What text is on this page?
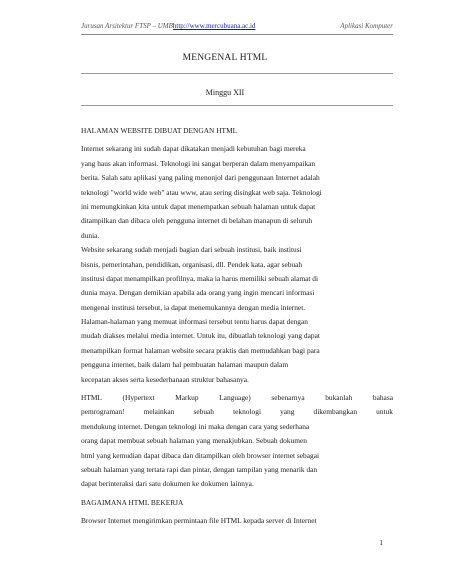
Jurusan Arsitektur FTSP – UMBhttp://www.mercubuana.ac.id	Aplikasi Komputer
MENGENAL HTML
Minggu XII
HALAMAN WEBSITE DIBUAT DENGAN HTML
Internet sekarang ini sudah dapat dikatakan menjadi kebutuhan bagi mereka
yang haus akan informasi. Teknologi ini sangat berperan dalam menyampaikan
berita. Salah satu aplikasi yang paling menonjol dari penggunaan Internet adalah
teknologi "world wide web" atau www, atau sering disingkat web saja. Teknologi
ini memungkinkan kita untuk dapat menempatkan sebuah halaman untuk dapat
ditampilkan dan dibaca oleh pengguna internet di belahan manapun di seluruh
dunia.
Website sekarang sudah menjadi bagian dari sebuah institusi, baik institusi
bisnis, pemerintahan, pendidikan, organisasi, dll. Pendek kata, agar sebuah
institusi dapat menampilkan profilnya, maka ia harus memiliki sebuah alamat di
dunia maya. Dengan demikian apabila ada orang yang ingin mencari informasi
mengenai institusi tersebut, ia dapat menemukannya dengan media internet.
Halaman-halaman yang memuat informasi tersebut tentu harus dapat dengan
mudah diakses melalui media internet. Untuk itu, dibuatlah teknologi yang dapat
menampilkan format halaman website secara praktis dan memudahkan bagi para
pengguna internet, baik dalam hal pembuatan halaman maupun dalam
kecepatan akses serta kesederhanaan struktur bahasanya.
HTML	(Hypertext	Markup	Language)	sebenarnya	bukanlah	bahasa
pemrograman!	melainkan	sebuah	teknologi	yang	dikembangkan	untuk
mendukung internet. Dengan teknologi ini maka dengan cara yang sederhana
orang dapat membuat sebuah halaman yang menakjubkan. Sebuah dokumen
html yang kemudian dapat dibaca dan ditampilkan oleh browser internet sebagai
sebuah halaman yang tertata rapi dan pintar, dengan tampilan yang menarik dan
dapat berinteraksi dari satu dokumen ke dokumen lainnya.
BAGAIMANA HTML BEKERJA
Browser Internet mengirimkan permintaan file HTML kepada server di Internet
1
